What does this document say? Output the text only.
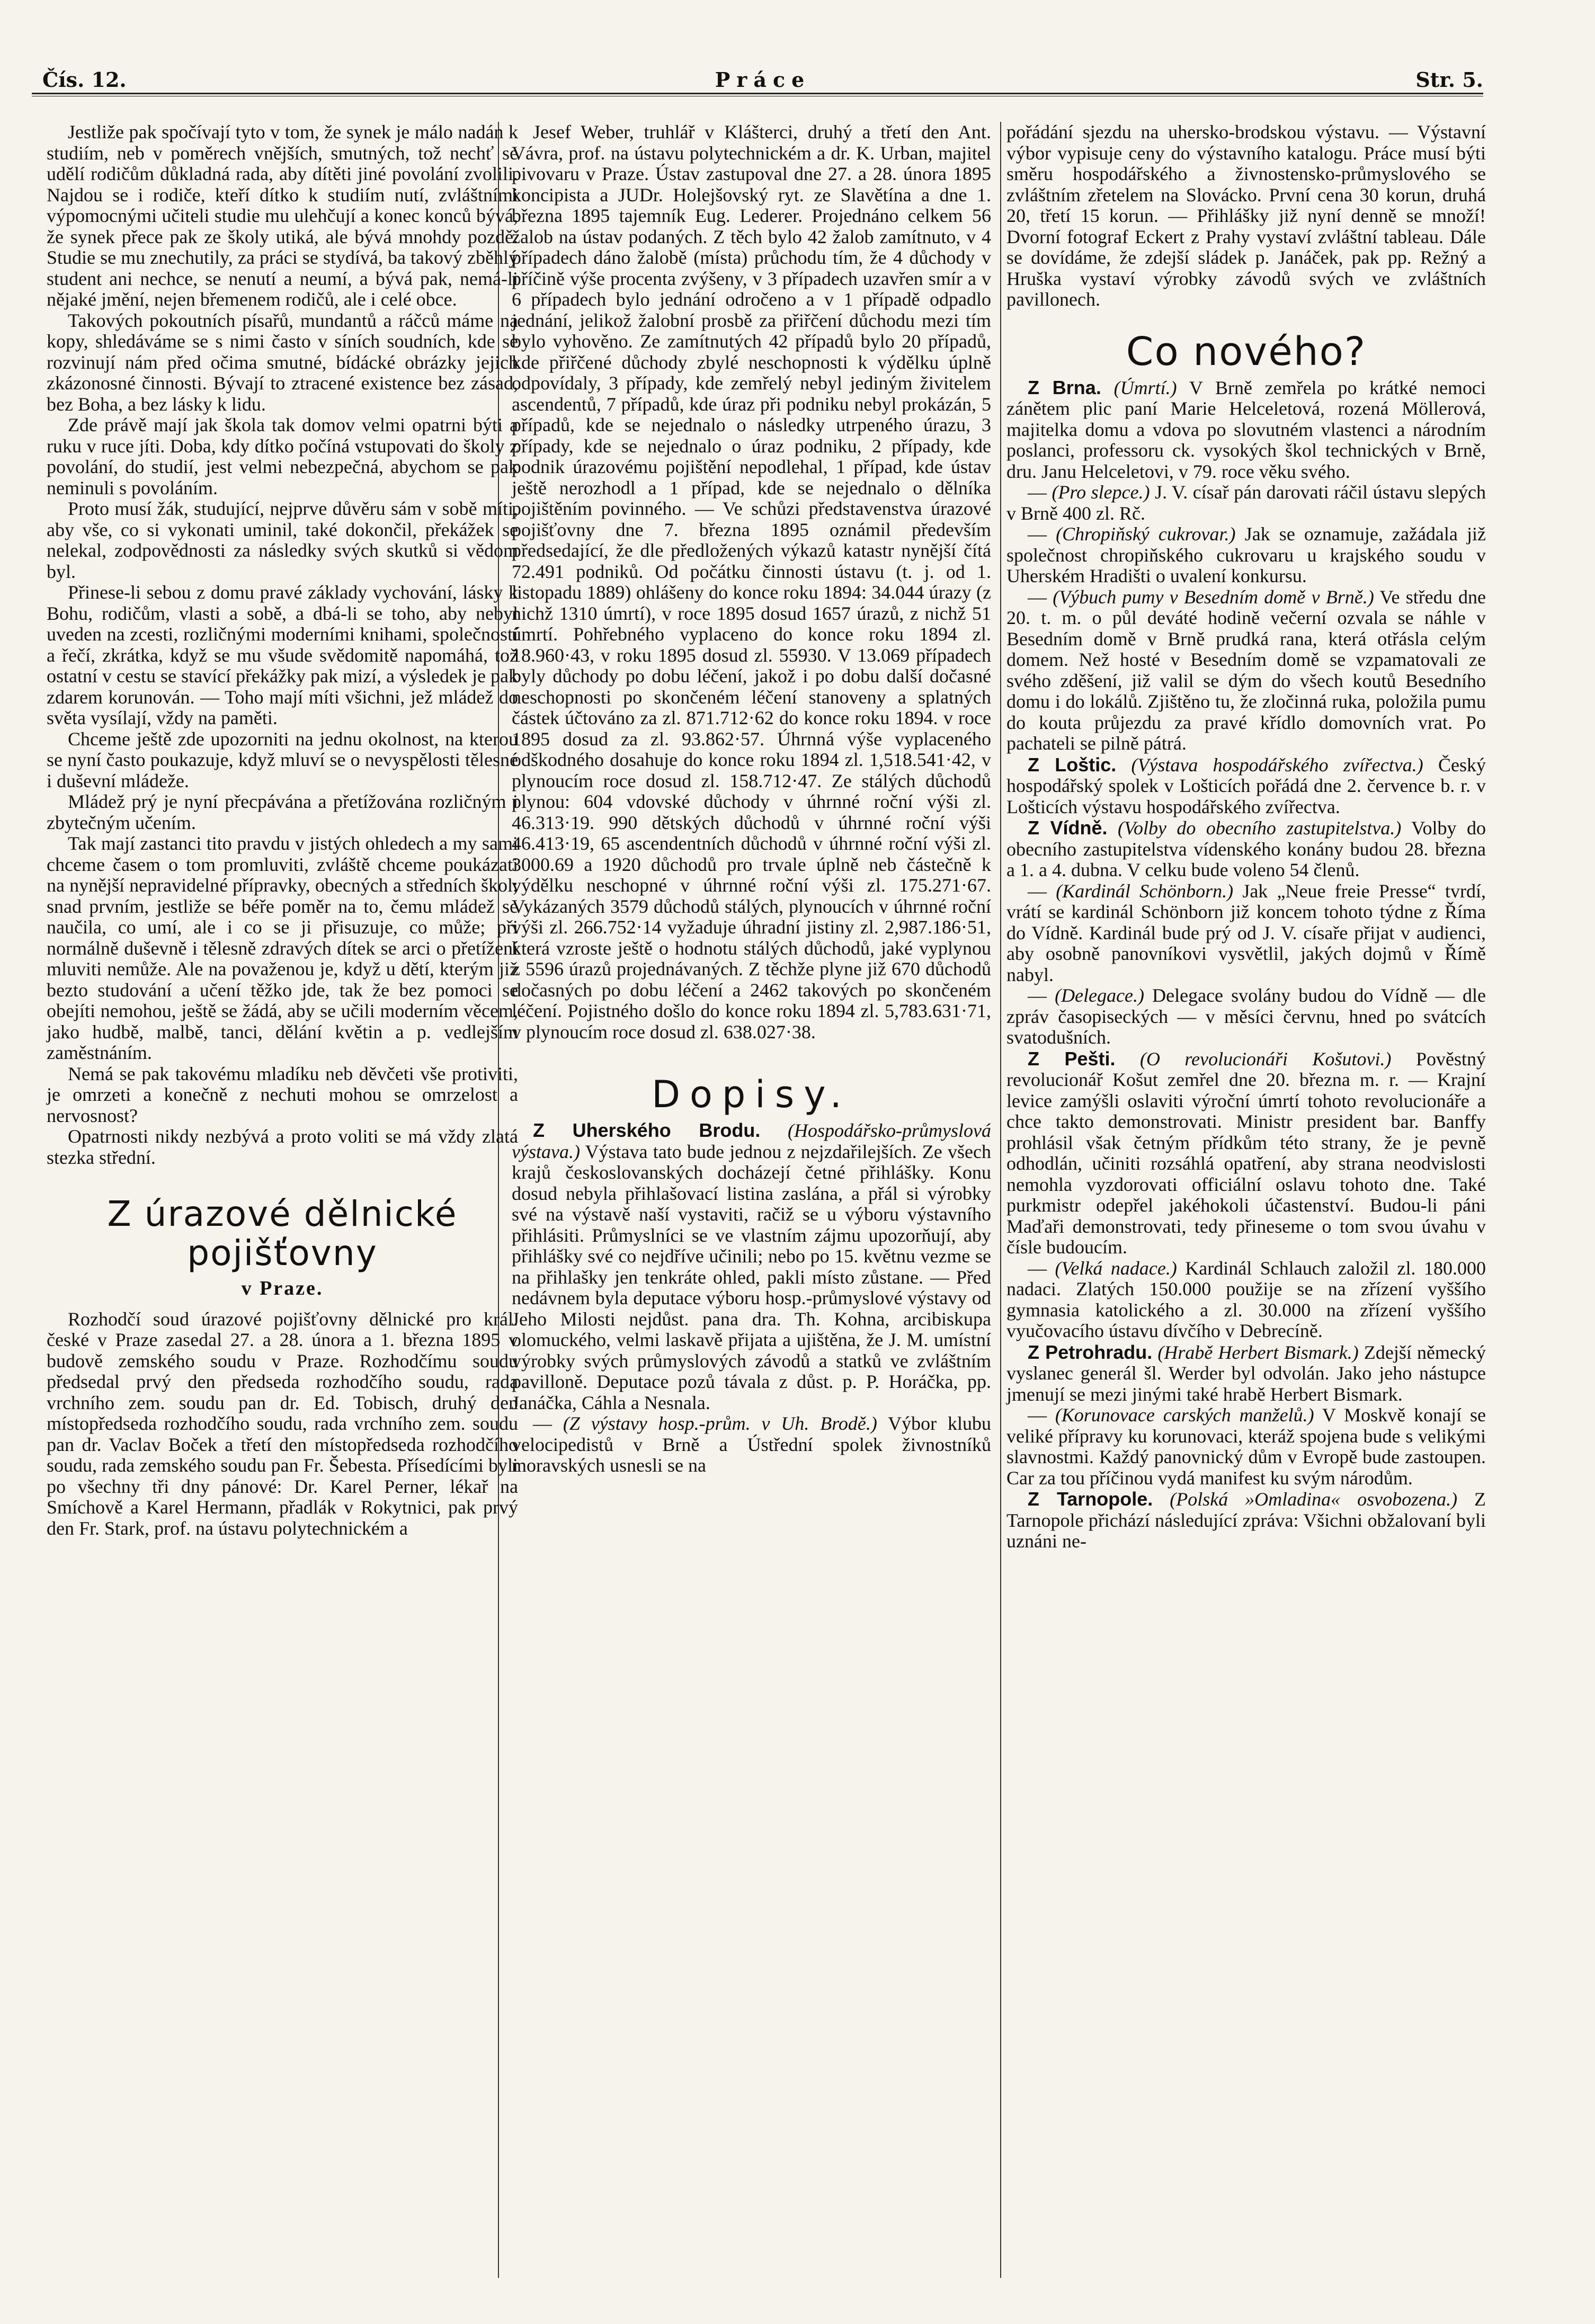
Čís. 12.	Práce	Str. 5.

Jestliže pak spočívají tyto v tom, že synek je málo nadán k studiím, neb v poměrech vnějších, smutných, tož nechť se udělí rodičům důkladná rada, aby dítěti jiné povolání zvolili. Najdou se i rodiče, kteří dítko k studiím nutí, zvláštními výpomocnými učiteli studie mu ulehčují a konec konců bývá, že synek přece pak ze školy utiká, ale bývá mnohdy pozdě. Studie se mu znechutily, za práci se stydívá, ba takový zběhlý student ani nechce, se nenutí a neumí, a bývá pak, nemá-li nějaké jmění, nejen břemenem rodičů, ale i celé obce.

Takových pokoutních písařů, mundantů a ráčců máme na kopy, shledáváme se s nimi často v síních soudních, kde se rozvinují nám před očima smutné, bídácké obrázky jejich zkázonosné činnosti. Bývají to ztracené existence bez zásad, bez Boha, a bez lásky k lidu.

Zde právě mají jak škola tak domov velmi opatrni býti a ruku v ruce jíti. Doba, kdy dítko počíná vstupovati do školy z povolání, do studií, jest velmi nebezpečná, abychom se pak neminuli s povoláním.

Proto musí žák, studující, nejprve důvěru sám v sobě míti, aby vše, co si vykonati uminil, také dokončil, překážek se nelekal, zodpovědnosti za následky svých skutků si vědom byl.

Přinese-li sebou z domu pravé základy vychování, lásky k Bohu, rodičům, vlasti a sobě, a dbá-li se toho, aby nebyl uveden na zcesti, rozličnými moderními knihami, společností a řečí, zkrátka, když se mu všude svědomitě napomáhá, tož ostatní v cestu se stavící překážky pak mizí, a výsledek je pak zdarem korunován. — Toho mají míti všichni, jež mládež do světa vysílají, vždy na paměti.

Chceme ještě zde upozorniti na jednu okolnost, na kterou se nyní často poukazuje, když mluví se o nevyspělosti tělesné i duševní mládeže.

Mládež prý je nyní přecpávána a přetížována rozličným i zbytečným učením.

Tak mají zastanci tito pravdu v jistých ohledech a my sami chceme časem o tom promluviti, zvláště chceme poukázati na nynější nepravidelné přípravky, obecných a středních škol; snad prvním, jestliže se béře poměr na to, čemu mládež se naučila, co umí, ale i co se ji přisuzuje, co může; při normálně duševně i tělesně zdravých dítek se arci o přetížení mluviti nemůže. Ale na považenou je, když u dětí, kterým již bezto studování a učení těžko jde, tak že bez pomoci se obejíti nemohou, ještě se žádá, aby se učili moderním věcem, jako hudbě, malbě, tanci, dělání květin a p. vedlejším zaměstnáním.

Nemá se pak takovému mladíku neb děvčeti vše protiviti, je omrzeti a konečně z nechuti mohou se omrzelost a nervosnost?

Opatrnosti nikdy nezbývá a proto voliti se má vždy zlatá stezka střední.

Z úrazové dělnické pojišťovny

v Praze.

Rozhodčí soud úrazové pojišťovny dělnické pro král. české v Praze zasedal 27. a 28. února a 1. března 1895 v budově zemského soudu v Praze. Rozhodčímu soudu předsedal prvý den předseda rozhodčího soudu, rada vrchního zem. soudu pan dr. Ed. Tobisch, druhý den místopředseda rozhodčího soudu, rada vrchního zem. soudu pan dr. Vaclav Boček a třetí den místopředseda rozhodčího soudu, rada zemského soudu pan Fr. Šebesta. Přísedícími byli po všechny tři dny pánové: Dr. Karel Perner, lékař na Smíchově a Karel Hermann, přadlák v Rokytnici, pak prvý den Fr. Stark, prof. na ústavu polytechnickém a

Jesef Weber, truhlář v Klášterci, druhý a třetí den Ant. Vávra, prof. na ústavu polytechnickém a dr. K. Urban, majitel pivovaru v Praze. Ústav zastupoval dne 27. a 28. února 1895 koncipista a JUDr. Holejšovský ryt. ze Slavětína a dne 1. března 1895 tajemník Eug. Lederer. Projednáno celkem 56 žalob na ústav podaných. Z těch bylo 42 žalob zamítnuto, v 4 případech dáno žalobě (místa) průchodu tím, že 4 důchody v příčině výše procenta zvýšeny, v 3 případech uzavřen smír a v 6 případech bylo jednání odročeno a v 1 případě odpadlo jednání, jelikož žalobní prosbě za přiřčení důchodu mezi tím bylo vyhověno. Ze zamítnutých 42 případů bylo 20 případů, kde přiřčené důchody zbylé neschopnosti k výdělku úplně odpovídaly, 3 případy, kde zemřelý nebyl jediným živitelem ascendentů, 7 případů, kde úraz při podniku nebyl prokázán, 5 případů, kde se nejednalo o následky utrpeného úrazu, 3 případy, kde se nejednalo o úraz podniku, 2 případy, kde podnik úrazovému pojištění nepodlehal, 1 případ, kde ústav ještě nerozhodl a 1 případ, kde se nejednalo o dělníka pojištěním povinného. — Ve schůzi představenstva úrazové pojišťovny dne 7. března 1895 oznámil především předsedající, že dle předložených výkazů katastr nynější čítá 72.491 podniků. Od počátku činnosti ústavu (t. j. od 1. listopadu 1889) ohlášeny do konce roku 1894: 34.044 úrazy (z nichž 1310 úmrtí), v roce 1895 dosud 1657 úrazů, z nichž 51 úmrtí. Pohřebného vyplaceno do konce roku 1894 zl. 18.960·43, v roku 1895 dosud zl. 55930. V 13.069 případech byly důchody po dobu léčení, jakož i po dobu další dočasné neschopnosti po skončeném léčení stanoveny a splatných částek účtováno za zl. 871.712·62 do konce roku 1894. v roce 1895 dosud za zl. 93.862·57. Úhrnná výše vyplaceného odškodného dosahuje do konce roku 1894 zl. 1,518.541·42, v plynoucím roce dosud zl. 158.712·47. Ze stálých důchodů plynou: 604 vdovské důchody v úhrnné roční výši zl. 46.313·19. 990 dětských důchodů v úhrnné roční výši 46.413·19, 65 ascendentních důchodů v úhrnné roční výši zl. 3000.69 a 1920 důchodů pro trvale úplně neb částečně k výdělku neschopné v úhrnné roční výši zl. 175.271·67. Vykázaných 3579 důchodů stálých, plynoucích v úhrnné roční výši zl. 266.752·14 vyžaduje úhradní jistiny zl. 2,987.186·51, která vzroste ještě o hodnotu stálých důchodů, jaké vyplynou z 5596 úrazů projednávaných. Z těchže plyne již 670 důchodů dočasných po dobu léčení a 2462 takových po skončeném léčení. Pojistného došlo do konce roku 1894 zl. 5,783.631·71, v plynoucím roce dosud zl. 638.027·38.

Dopisy.

Z Uherského Brodu. (Hospodářsko-průmyslová výstava.) Výstava tato bude jednou z nejzdařilejších. Ze všech krajů českoslovanských docházejí četné přihlášky. Konu dosud nebyla přihlašovací listina zaslána, a přál si výrobky své na výstavě naší vystaviti, račiž se u výboru výstavního přihlásiti. Průmyslníci se ve vlastním zájmu upozorňují, aby přihlášky své co nejdříve učinili; nebo po 15. květnu vezme se na přihlašky jen tenkráte ohled, pakli místo zůstane. — Před nedávnem byla deputace výboru hosp.-průmyslové výstavy od Jeho Milosti nejdůst. pana dra. Th. Kohna, arcibiskupa olomuckého, velmi laskavě přijata a ujištěna, že J. M. umístní výrobky svých průmyslových závodů a statků ve zvláštním pavilloně. Deputace pozů távala z důst. p. P. Horáčka, pp. Janáčka, Cáhla a Nesnala.

— (Z výstavy hosp.-prům. v Uh. Brodě.) Výbor klubu velocipedistů v Brně a Ústřední spolek živnostníků moravských usnesli se na

pořádání sjezdu na uhersko-brodskou výstavu. — Výstavní výbor vypisuje ceny do výstavního katalogu. Práce musí býti směru hospodářského a živnostensko-průmyslového se zvláštním zřetelem na Slovácko. První cena 30 korun, druhá 20, třetí 15 korun. — Přihlášky již nyní denně se množí! Dvorní fotograf Eckert z Prahy vystaví zvláštní tableau. Dále se dovídáme, že zdejší sládek p. Janáček, pak pp. Režný a Hruška vystaví výrobky závodů svých ve zvláštních pavillonech.

Co nového?

Z Brna. (Úmrtí.) V Brně zemřela po krátké nemoci zánětem plic paní Marie Helceletová, rozená Möllerová, majitelka domu a vdova po slovutném vlastenci a národním poslanci, professoru ck. vysokých škol technických v Brně, dru. Janu Helceletovi, v 79. roce věku svého.

— (Pro slepce.) J. V. císař pán darovati ráčil ústavu slepých v Brně 400 zl. Rč.

— (Chropiňský cukrovar.) Jak se oznamuje, zažádala již společnost chropiňského cukrovaru u krajského soudu v Uherském Hradišti o uvalení konkursu.

— (Výbuch pumy v Besedním domě v Brně.) Ve středu dne 20. t. m. o půl deváté hodině večerní ozvala se náhle v Besedním domě v Brně prudká rana, která otřásla celým domem. Než hosté v Besedním domě se vzpamatovali ze svého zděšení, již valil se dým do všech koutů Besedního domu i do lokálů. Zjištěno tu, že zločinná ruka, položila pumu do kouta průjezdu za pravé křídlo domovních vrat. Po pachateli se pilně pátrá.

Z Loštic. (Výstava hospodářského zvířectva.) Český hospodářský spolek v Lošticích pořádá dne 2. července b. r. v Lošticích výstavu hospodářského zvířectva.

Z Vídně. (Volby do obecního zastupitelstva.) Volby do obecního zastupitelstva vídenského konány budou 28. března a 1. a 4. dubna. V celku bude voleno 54 členů.

— (Kardinál Schönborn.) Jak „Neue freie Presse“ tvrdí, vrátí se kardinál Schönborn již koncem tohoto týdne z Říma do Vídně. Kardinál bude prý od J. V. císaře přijat v audienci, aby osobně panovníkovi vysvětlil, jakých dojmů v Římě nabyl.

— (Delegace.) Delegace svolány budou do Vídně — dle zpráv časopiseckých — v měsíci červnu, hned po svátcích svatodušních.

Z Pešti. (O revolucionáři Košutovi.) Pověstný revolucionář Košut zemřel dne 20. března m. r. — Krajní levice zamýšli oslaviti výroční úmrtí tohoto revolucionáře a chce takto demonstrovati. Ministr president bar. Banffy prohlásil však četným přídkům této strany, že je pevně odhodlán, učiniti rozsáhlá opatření, aby strana neodvislosti nemohla vyzdorovati officiální oslavu tohoto dne. Také purkmistr odepřel jakéhokoli účastenství. Budou-li páni Maďaři demonstrovati, tedy přineseme o tom svou úvahu v čísle budoucím.

— (Velká nadace.) Kardinál Schlauch založil zl. 180.000 nadaci. Zlatých 150.000 použije se na zřízení vyššího gymnasia katolického a zl. 30.000 na zřízení vyššího vyučovacího ústavu dívčího v Debrecíně.

Z Petrohradu. (Hrabě Herbert Bismark.) Zdejší německý vyslanec generál šl. Werder byl odvolán. Jako jeho nástupce jmenují se mezi jinými také hrabě Herbert Bismark.

— (Korunovace carských manželů.) V Moskvě konají se veliké přípravy ku korunovaci, kteráž spojena bude s velikými slavnostmi. Každý panovnický dům v Evropě bude zastoupen. Car za tou příčinou vydá manifest ku svým národům.

Z Tarnopole. (Polská »Omladina« osvobozena.) Z Tarnopole přichází následující zpráva: Všichni obžalovaní byli uznáni ne-
